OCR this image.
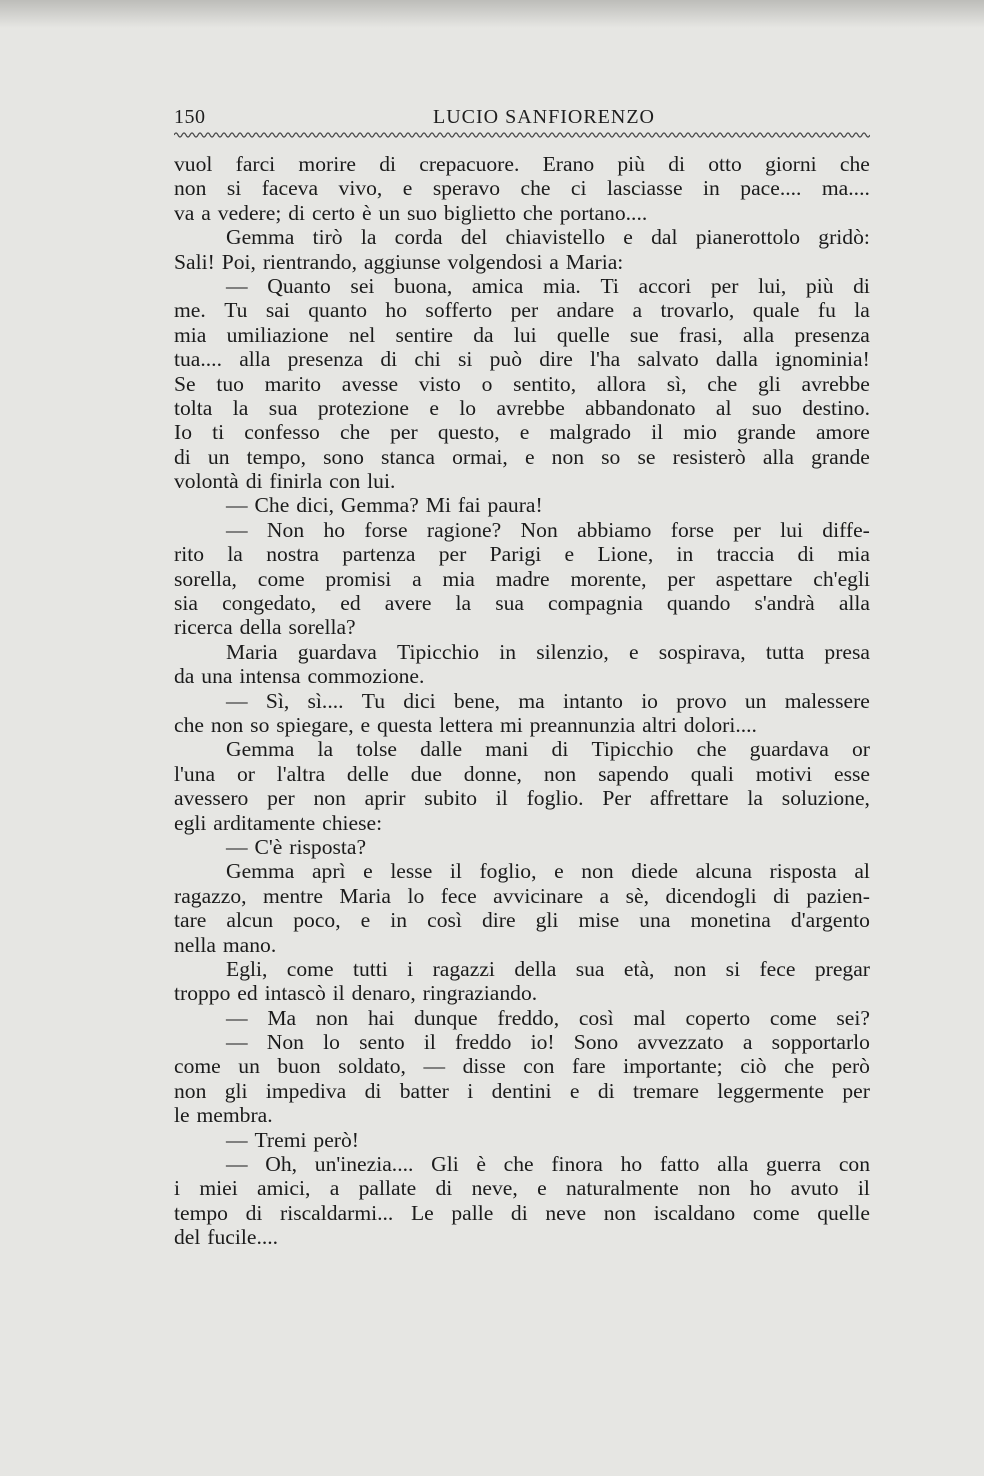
150	LUCIO SANFIORENZO
vuol farci morire di crepacuore. Erano più di otto giorni che
non si faceva vivo, e speravo che ci lasciasse in pace.... ma....
va a vedere; di certo è un suo biglietto che portano....
Gemma tirò la corda del chiavistello e dal pianerottolo gridò:
Sali! Poi, rientrando, aggiunse volgendosi a Maria:
— Quanto sei buona, amica mia. Ti accori per lui, più di
me. Tu sai quanto ho sofferto per andare a trovarlo, quale fu la
mia umiliazione nel sentire da lui quelle sue frasi, alla presenza
tua.... alla presenza di chi si può dire l'ha salvato dalla ignominia!
Se tuo marito avesse visto o sentito, allora sì, che gli avrebbe
tolta la sua protezione e lo avrebbe abbandonato al suo destino.
Io ti confesso che per questo, e malgrado il mio grande amore
di un tempo, sono stanca ormai, e non so se resisterò alla grande
volontà di finirla con lui.
— Che dici, Gemma? Mi fai paura!
— Non ho forse ragione? Non abbiamo forse per lui diffe-
rito la nostra partenza per Parigi e Lione, in traccia di mia
sorella, come promisi a mia madre morente, per aspettare ch'egli
sia congedato, ed avere la sua compagnia quando s'andrà alla
ricerca della sorella?
Maria guardava Tipicchio in silenzio, e sospirava, tutta presa
da una intensa commozione.
— Sì, sì.... Tu dici bene, ma intanto io provo un malessere
che non so spiegare, e questa lettera mi preannunzia altri dolori....
Gemma la tolse dalle mani di Tipicchio che guardava or
l'una or l'altra delle due donne, non sapendo quali motivi esse
avessero per non aprir subito il foglio. Per affrettare la soluzione,
egli arditamente chiese:
— C'è risposta?
Gemma aprì e lesse il foglio, e non diede alcuna risposta al
ragazzo, mentre Maria lo fece avvicinare a sè, dicendogli di pazien-
tare alcun poco, e in così dire gli mise una monetina d'argento
nella mano.
Egli, come tutti i ragazzi della sua età, non si fece pregar
troppo ed intascò il denaro, ringraziando.
— Ma non hai dunque freddo, così mal coperto come sei?
— Non lo sento il freddo io! Sono avvezzato a sopportarlo
come un buon soldato, — disse con fare importante; ciò che però
non gli impediva di batter i dentini e di tremare leggermente per
le membra.
— Tremi però!
— Oh, un'inezia.... Gli è che finora ho fatto alla guerra con
i miei amici, a pallate di neve, e naturalmente non ho avuto il
tempo di riscaldarmi... Le palle di neve non iscaldano come quelle
del fucile....
